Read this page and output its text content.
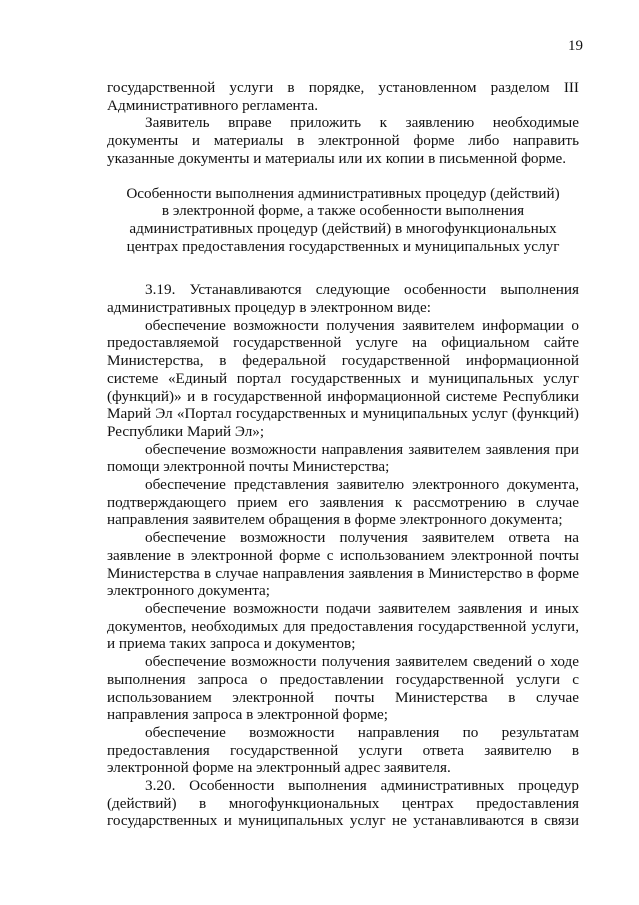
19

государственной услуги в порядке, установленном разделом III Административного регламента.

Заявитель вправе приложить к заявлению необходимые документы и материалы в электронной форме либо направить указанные документы и материалы или их копии в письменной форме.

Особенности выполнения административных процедур (действий)

в электронной форме, а также особенности выполнения

административных процедур (действий) в многофункциональных

центрах предоставления государственных и муниципальных услуг

3.19. Устанавливаются следующие особенности выполнения административных процедур в электронном виде:

обеспечение возможности получения заявителем информации о предоставляемой государственной услуге на официальном сайте Министерства, в федеральной государственной информационной системе «Единый портал государственных и муниципальных услуг (функций)» и в государственной информационной системе Республики Марий Эл «Портал государственных и муниципальных услуг (функций) Республики Марий Эл»;

обеспечение возможности направления заявителем заявления при помощи электронной почты Министерства;

обеспечение представления заявителю электронного документа, подтверждающего прием его заявления к рассмотрению в случае направления заявителем обращения в форме электронного документа;

обеспечение возможности получения заявителем ответа на заявление в электронной форме с использованием электронной почты Министерства в случае направления заявления в Министерство в форме электронного документа;

обеспечение возможности подачи заявителем заявления и иных документов, необходимых для предоставления государственной услуги, и приема таких запроса и документов;

обеспечение возможности получения заявителем сведений о ходе выполнения запроса о предоставлении государственной услуги с использованием электронной почты Министерства в случае направления запроса в электронной форме;

обеспечение возможности направления по результатам предоставления государственной услуги ответа заявителю в электронной форме на электронный адрес заявителя.

3.20. Особенности выполнения административных процедур (действий) в многофункциональных центрах предоставления государственных и муниципальных услуг не устанавливаются в связи
